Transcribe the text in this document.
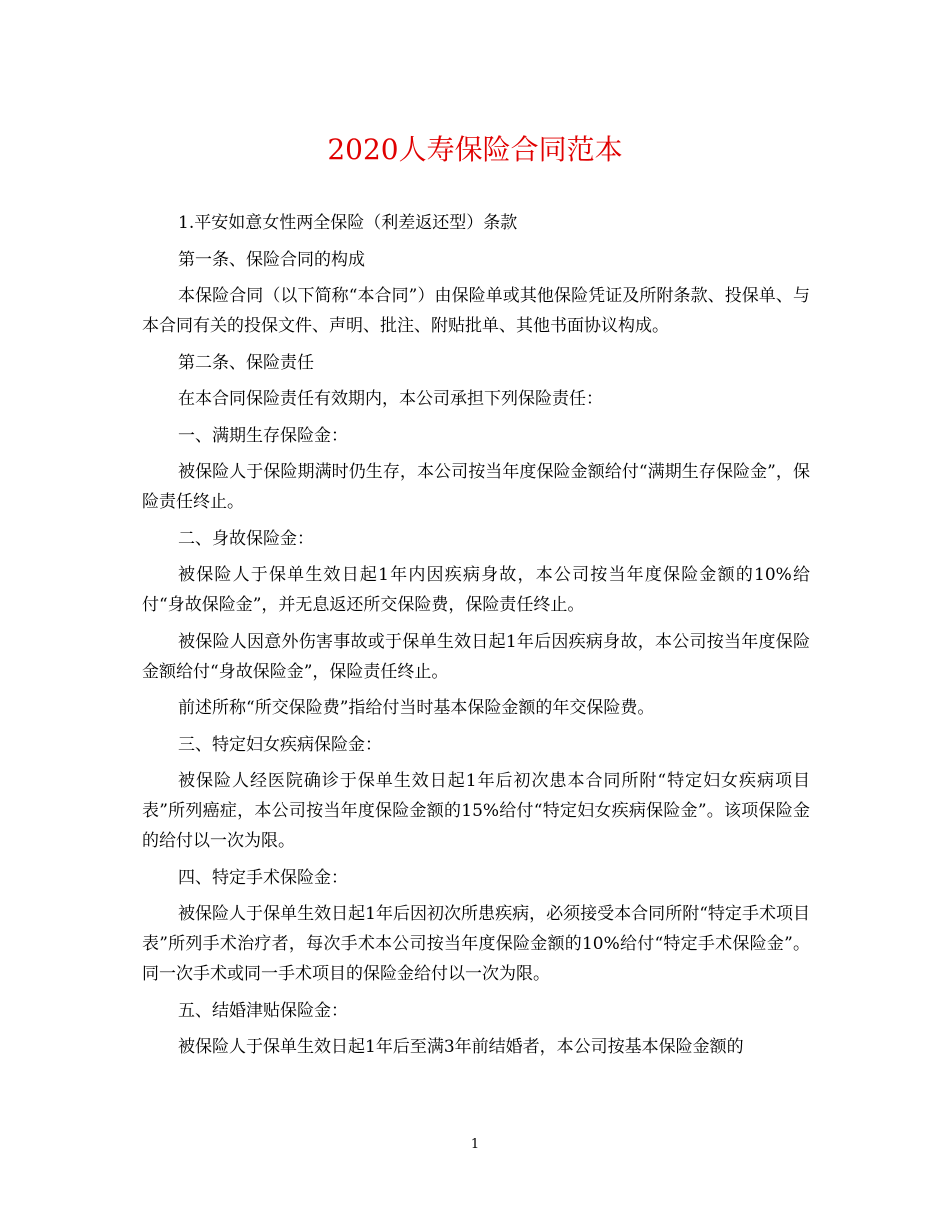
2020人寿保险合同范本

1.平安如意女性两全保险（利差返还型）条款

第一条、保险合同的构成

本保险合同（以下简称“本合同”）由保险单或其他保险凭证及所附条款、投保单、与本合同有关的投保文件、声明、批注、附贴批单、其他书面协议构成。

第二条、保险责任

在本合同保险责任有效期内，本公司承担下列保险责任：

一、满期生存保险金：

被保险人于保险期满时仍生存，本公司按当年度保险金额给付“满期生存保险金”，保险责任终止。

二、身故保险金：

被保险人于保单生效日起1年内因疾病身故，本公司按当年度保险金额的10%给付“身故保险金”，并无息返还所交保险费，保险责任终止。

被保险人因意外伤害事故或于保单生效日起1年后因疾病身故，本公司按当年度保险金额给付“身故保险金”，保险责任终止。

前述所称“所交保险费”指给付当时基本保险金额的年交保险费。

三、特定妇女疾病保险金：

被保险人经医院确诊于保单生效日起1年后初次患本合同所附“特定妇女疾病项目表”所列癌症，本公司按当年度保险金额的15%给付“特定妇女疾病保险金”。该项保险金的给付以一次为限。

四、特定手术保险金：

被保险人于保单生效日起1年后因初次所患疾病，必须接受本合同所附“特定手术项目表”所列手术治疗者，每次手术本公司按当年度保险金额的10%给付“特定手术保险金”。同一次手术或同一手术项目的保险金给付以一次为限。

五、结婚津贴保险金：

被保险人于保单生效日起1年后至满3年前结婚者，本公司按基本保险金额的

1
